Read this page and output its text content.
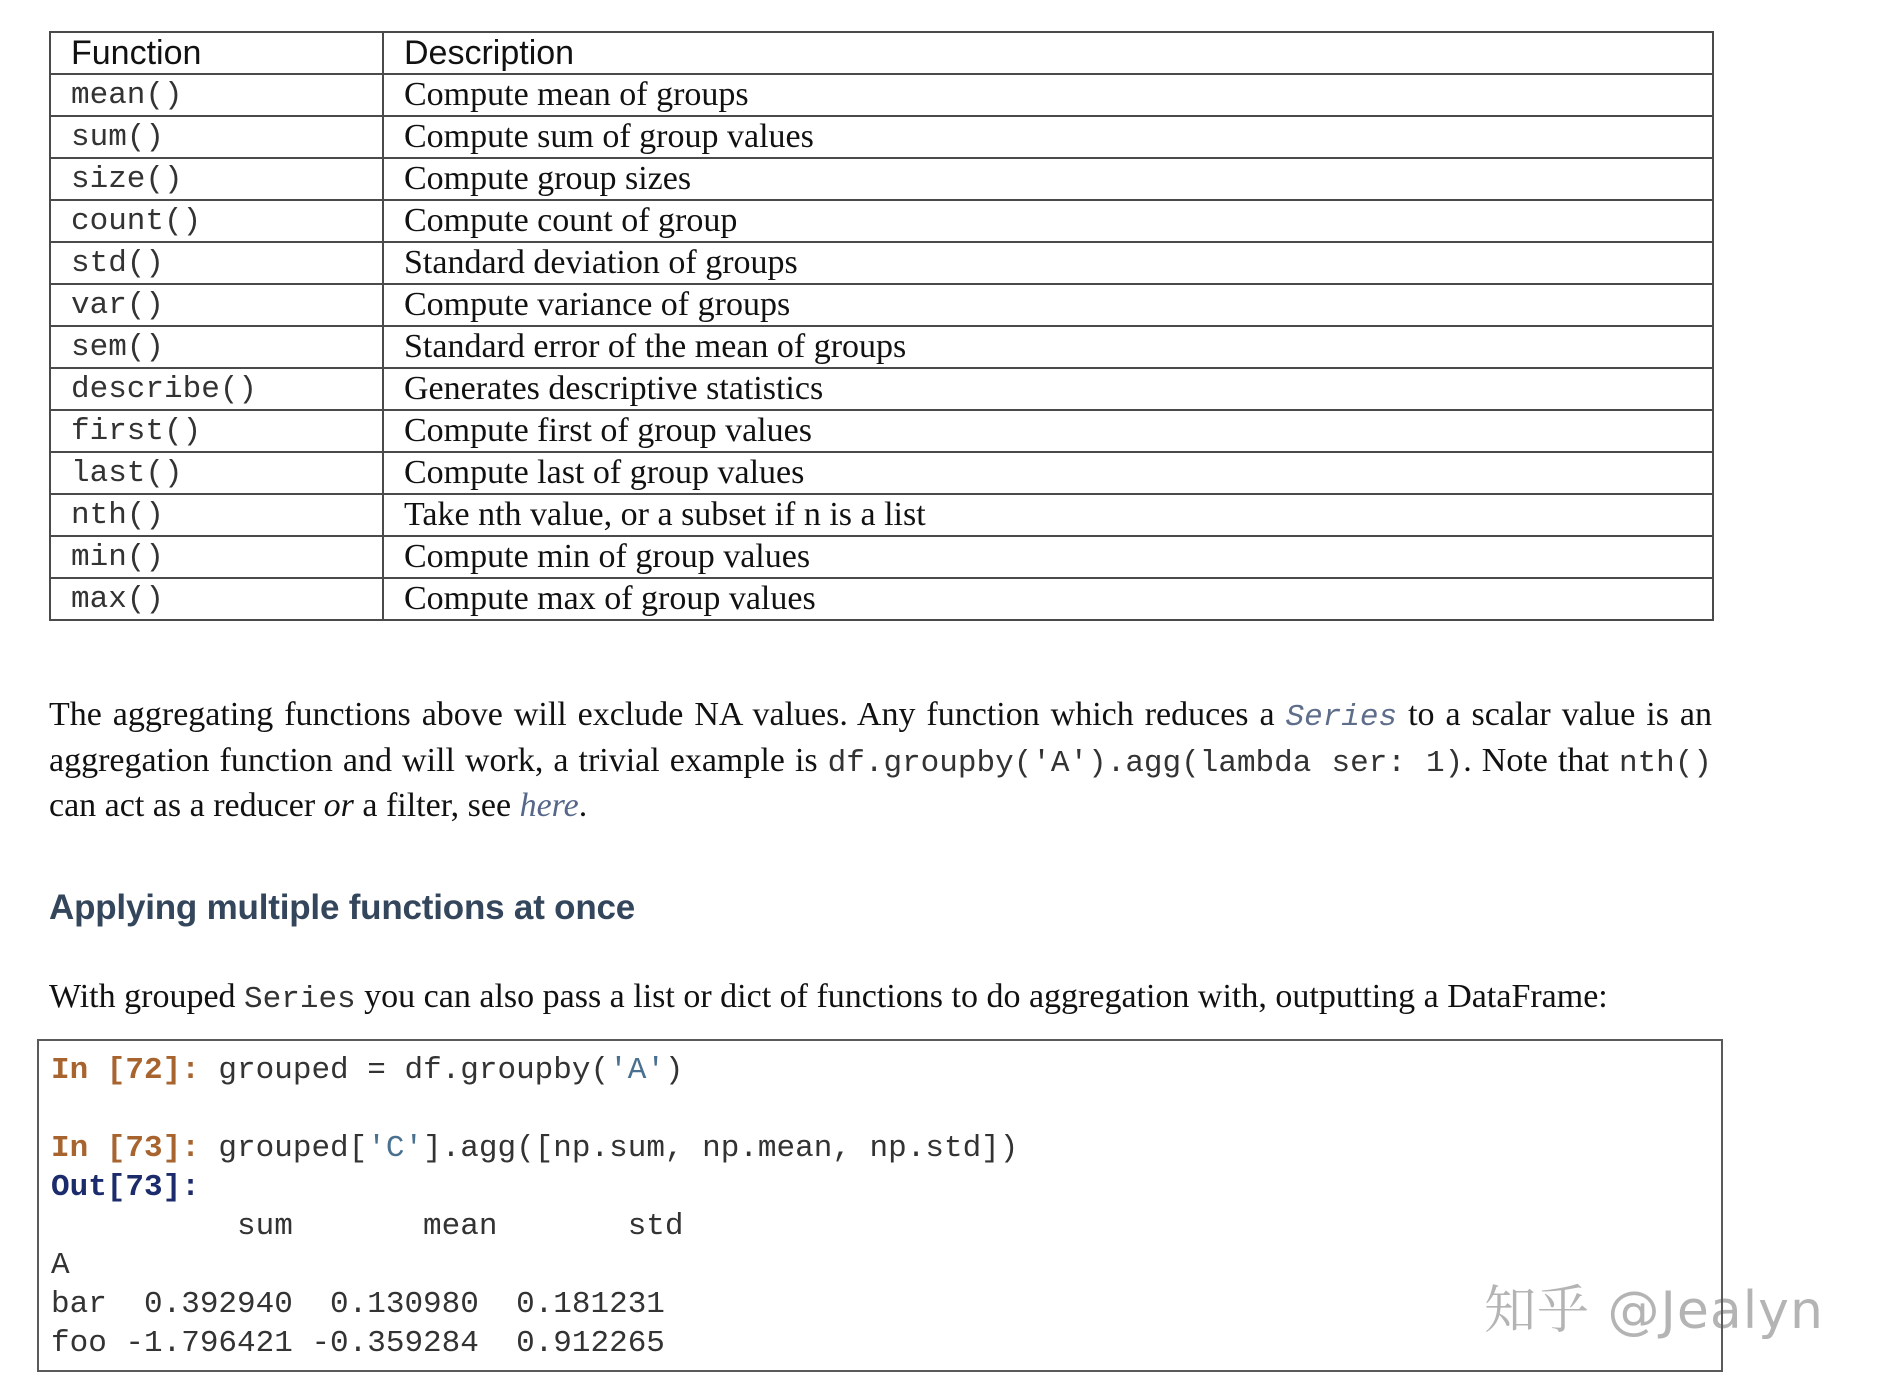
Function	Description
mean()	Compute mean of groups
sum()	Compute sum of group values
size()	Compute group sizes
count()	Compute count of group
std()	Standard deviation of groups
var()	Compute variance of groups
sem()	Standard error of the mean of groups
describe()	Generates descriptive statistics
first()	Compute first of group values
last()	Compute last of group values
nth()	Take nth value, or a subset if n is a list
min()	Compute min of group values
max()	Compute max of group values

The aggregating functions above will exclude NA values. Any function which reduces a Series to a scalar value is an aggregation function and will work, a trivial example is df.groupby('A').agg(lambda ser: 1). Note that nth() can act as a reducer or a filter, see here.

Applying multiple functions at once

With grouped Series you can also pass a list or dict of functions to do aggregation with, outputting a DataFrame:

In [72]: grouped = df.groupby('A')

In [73]: grouped['C'].agg([np.sum, np.mean, np.std])
Out[73]:
sum       mean       std
A
bar  0.392940  0.130980  0.181231
foo -1.796421 -0.359284  0.912265
知乎 @Jealyn
